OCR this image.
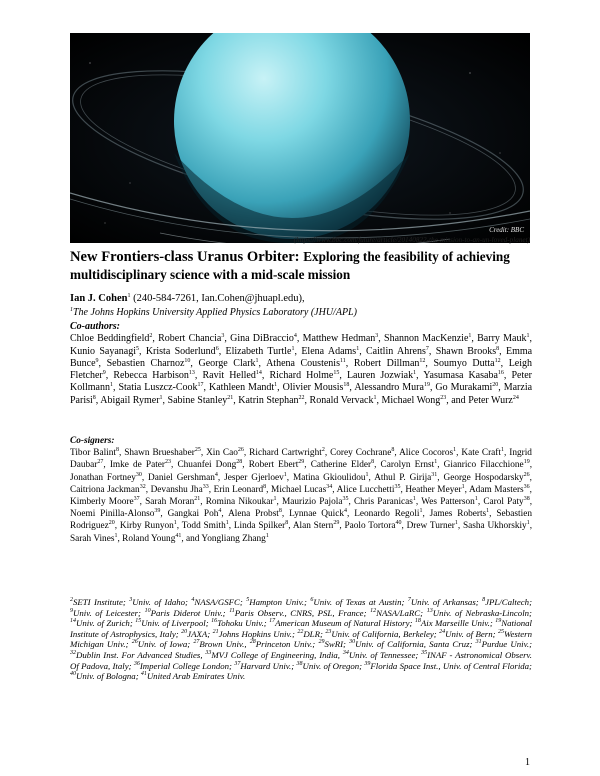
Credit: BBC
(https://www.bbc.com/future/article/20140822-the-mission-to-an-un-loved-planet)
New Frontiers-class Uranus Orbiter: Exploring the feasibility of achieving multidisciplinary science with a mid-scale mission
Ian J. Cohen$^1$ (240-584-7261, Ian.Cohen@jhuapl.edu),
$^1$The Johns Hopkins University Applied Physics Laboratory (JHU/APL)
Co-authors:
Chloe Beddingfield$^2$, Robert Chancia$^3$, Gina DiBraccio$^4$, Matthew Hedman$^3$, Shannon MacKenzie$^1$, Barry Mauk$^1$, Kunio Sayanagi$^5$, Krista Soderlund$^6$, Elizabeth Turtle$^1$, Elena Adams$^1$, Caitlin Ahrens$^7$, Shawn Brooks$^8$, Emma Bunce$^9$, Sebastien Charnoz$^{10}$, George Clark$^1$, Athena Coustenis$^{11}$, Robert Dillman$^{12}$, Soumyo Dutta$^{12}$, Leigh Fletcher$^9$, Rebecca Harbison$^{13}$, Ravit Helled$^{14}$, Richard Holme$^{15}$, Lauren Jozwiak$^1$, Yasumasa Kasaba$^{16}$, Peter Kollmann$^1$, Statia Luszcz-Cook$^{17}$, Kathleen Mandt$^1$, Olivier Mousis$^{18}$, Alessandro Mura$^{19}$, Go Murakami$^{20}$, Marzia Parisi$^8$, Abigail Rymer$^1$, Sabine Stanley$^{21}$, Katrin Stephan$^{22}$, Ronald Vervack$^1$, Michael Wong$^{23}$, and Peter Wurz$^{24}$
Co-signers:
Tibor Balint$^8$, Shawn Brueshaber$^{25}$, Xin Cao$^{26}$, Richard Cartwright$^2$, Corey Cochrane$^8$, Alice Cocoros$^1$, Kate Craft$^1$, Ingrid Daubar$^{27}$, Imke de Pater$^{23}$, Chuanfei Dong$^{28}$, Robert Ebert$^{29}$, Catherine Elder$^8$, Carolyn Ernst$^1$, Gianrico Filacchione$^{19}$, Jonathan Fortney$^{30}$, Daniel Gershman$^4$, Jesper Gjerloev$^1$, Matina Gkioulidou$^1$, Athul P. Girija$^{31}$, George Hospodarsky$^{26}$, Caitriona Jackman$^{32}$, Devanshu Jha$^{33}$, Erin Leonard$^8$, Michael Lucas$^{34}$, Alice Lucchetti$^{35}$, Heather Meyer$^1$, Adam Masters$^{36}$, Kimberly Moore$^{37}$, Sarah Moran$^{21}$, Romina Nikoukar$^1$, Maurizio Pajola$^{35}$, Chris Paranicas$^1$, Wes Patterson$^1$, Carol Paty$^{38}$, Noemi Pinilla-Alonso$^{39}$, Gangkai Poh$^4$, Alena Probst$^8$, Lynnae Quick$^4$, Leonardo Regoli$^1$, James Roberts$^1$, Sebastien Rodriguez$^{20}$, Kirby Runyon$^1$, Todd Smith$^1$, Linda Spilker$^8$, Alan Stern$^{29}$, Paolo Tortora$^{40}$, Drew Turner$^1$, Sasha Ukhorskiy$^1$, Sarah Vines$^1$, Roland Young$^{41}$, and Yongliang Zhang$^1$
$^2$SETI Institute; $^3$Univ. of Idaho; $^4$NASA/GSFC; $^5$Hampton Univ.; $^6$Univ. of Texas at Austin; $^7$Univ. of Arkansas; $^8$JPL/Caltech; $^9$Univ. of Leicester; $^{10}$Paris Diderot Univ.; $^{11}$Paris Observ., CNRS, PSL, France; $^{12}$NASA/LaRC; $^{13}$Univ. of Nebraska-Lincoln; $^{14}$Univ. of Zurich; $^{15}$Univ. of Liverpool; $^{16}$Tohoku Univ.; $^{17}$American Museum of Natural History; $^{18}$Aix Marseille Univ.; $^{19}$National Institute of Astrophysics, Italy; $^{20}$JAXA; $^{21}$Johns Hopkins Univ.; $^{22}$DLR; $^{23}$Univ. of California, Berkeley; $^{24}$Univ. of Bern; $^{25}$Western Michigan Univ.; $^{26}$Univ. of Iowa; $^{27}$Brown Univ., $^{28}$Princeton Univ.; $^{29}$SwRI; $^{30}$Univ. of California, Santa Cruz; $^{31}$Purdue Univ.; $^{32}$Dublin Inst. For Advanced Studies, $^{33}$MVJ College of Engineering, India, $^{34}$Univ. of Tennessee; $^{35}$INAF - Astronomical Observ. Of Padova, Italy; $^{36}$Imperial College London; $^{37}$Harvard Univ.; $^{38}$Univ. of Oregon; $^{39}$Florida Space Inst., Univ. of Central Florida; $^{40}$Univ. of Bologna; $^{41}$United Arab Emirates Univ.
1
